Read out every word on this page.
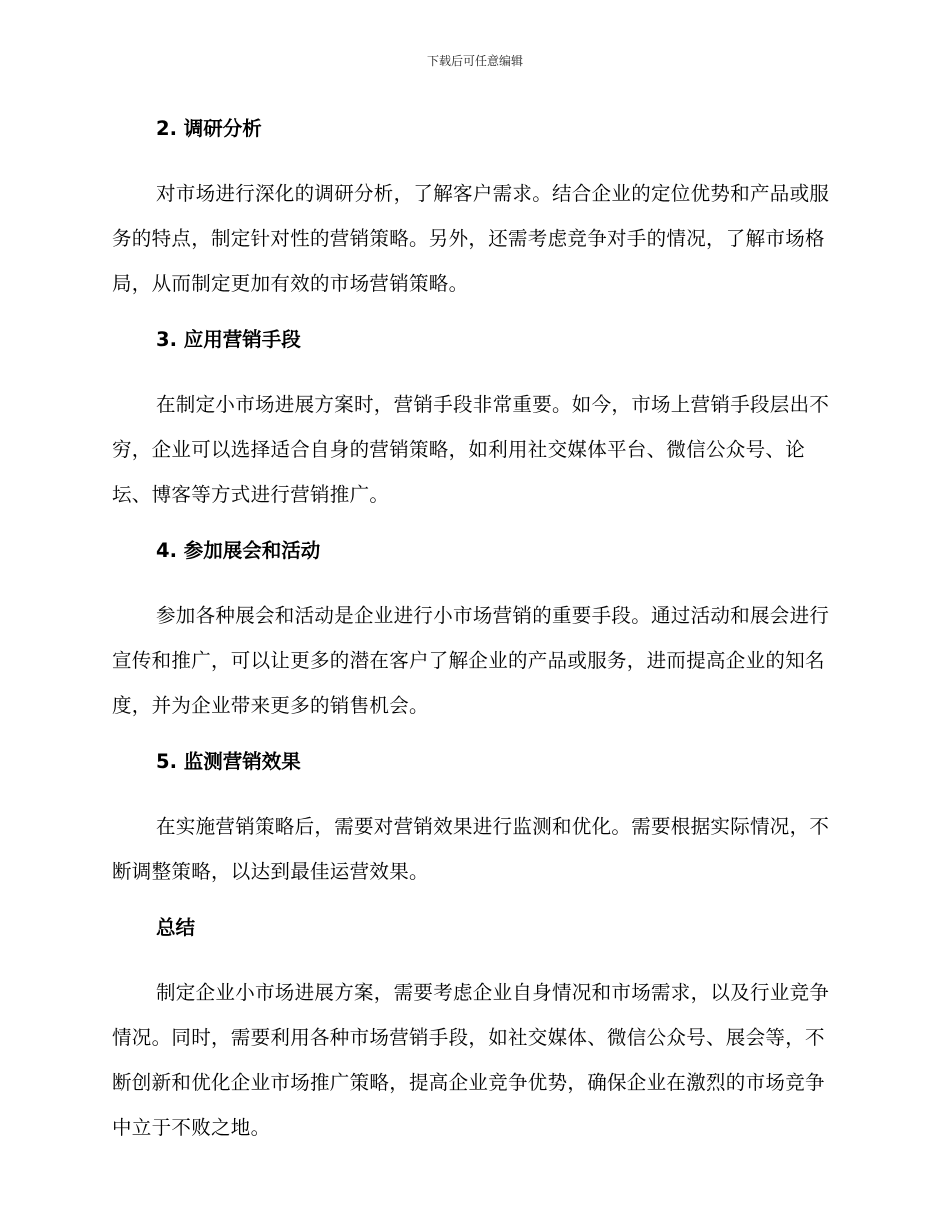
下载后可任意编辑
2. 调研分析

对市场进行深化的调研分析，了解客户需求。结合企业的定位优势和产品或服务的特点，制定针对性的营销策略。另外，还需考虑竞争对手的情况，了解市场格局，从而制定更加有效的市场营销策略。

3. 应用营销手段

在制定小市场进展方案时，营销手段非常重要。如今，市场上营销手段层出不穷，企业可以选择适合自身的营销策略，如利用社交媒体平台、微信公众号、论坛、博客等方式进行营销推广。

4. 参加展会和活动

参加各种展会和活动是企业进行小市场营销的重要手段。通过活动和展会进行宣传和推广，可以让更多的潜在客户了解企业的产品或服务，进而提高企业的知名度，并为企业带来更多的销售机会。

5. 监测营销效果

在实施营销策略后，需要对营销效果进行监测和优化。需要根据实际情况，不断调整策略，以达到最佳运营效果。

总结

制定企业小市场进展方案，需要考虑企业自身情况和市场需求，以及行业竞争情况。同时，需要利用各种市场营销手段，如社交媒体、微信公众号、展会等，不断创新和优化企业市场推广策略，提高企业竞争优势，确保企业在激烈的市场竞争中立于不败之地。
